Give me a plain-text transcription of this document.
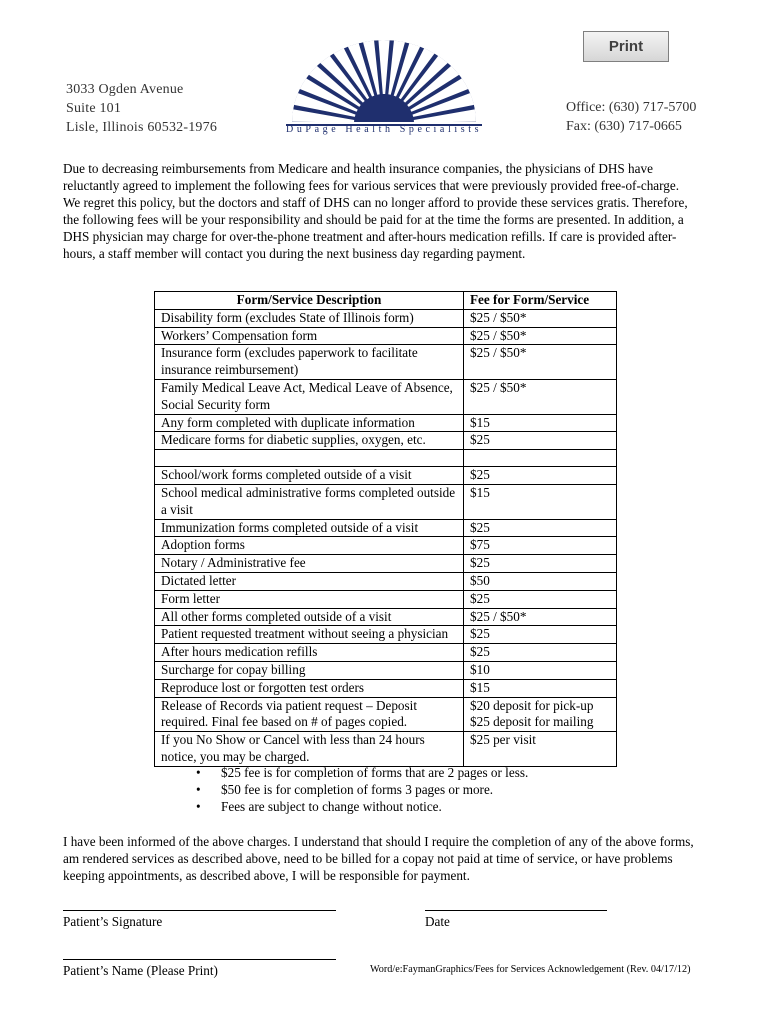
Print
3033 Ogden Avenue
Suite 101
Lisle, Illinois 60532-1976	DuPage Health Specialists
Office: (630) 717-5700
Fax: (630) 717-0665
Due to decreasing reimbursements from Medicare and health insurance companies, the physicians of DHS have reluctantly agreed to implement the following fees for various services that were previously provided free-of-charge. We regret this policy, but the doctors and staff of DHS can no longer afford to provide these services gratis. Therefore, the following fees will be your responsibility and should be paid for at the time the forms are presented. In addition, a DHS physician may charge for over-the-phone treatment and after-hours medication refills. If care is provided after-hours, a staff member will contact you during the next business day regarding payment.
Form/Service Description	Fee for Form/Service
Disability form (excludes State of Illinois form)	$25 / $50*
Workers’ Compensation form	$25 / $50*
Insurance form (excludes paperwork to facilitate insurance reimbursement)	$25 / $50*
Family Medical Leave Act, Medical Leave of Absence, Social Security form	$25 / $50*
Any form completed with duplicate information	$15
Medicare forms for diabetic supplies, oxygen, etc.	$25

School/work forms completed outside of a visit	$25
School medical administrative forms completed outside a visit	$15
Immunization forms completed outside of a visit	$25
Adoption forms	$75
Notary / Administrative fee	$25
Dictated letter	$50
Form letter	$25
All other forms completed outside of a visit	$25 / $50*
Patient requested treatment without seeing a physician	$25
After hours medication refills	$25
Surcharge for copay billing	$10
Reproduce lost or forgotten test orders	$15
Release of Records via patient request – Deposit required. Final fee based on # of pages copied.	$20 deposit for pick-up
$25 deposit for mailing

If you No Show or Cancel with less than 24 hours notice, you may be charged.	$25 per visit
• $25 fee is for completion of forms that are 2 pages or less.
• $50 fee is for completion of forms 3 pages or more.
• Fees are subject to change without notice.
I have been informed of the above charges. I understand that should I require the completion of any of the above forms, am rendered services as described above, need to be billed for a copay not paid at time of service, or have problems keeping appointments, as described above, I will be responsible for payment.
Patient’s Signature	Date
Patient’s Name (Please Print)	Word/e:FaymanGraphics/Fees for Services Acknowledgement (Rev. 04/17/12)
